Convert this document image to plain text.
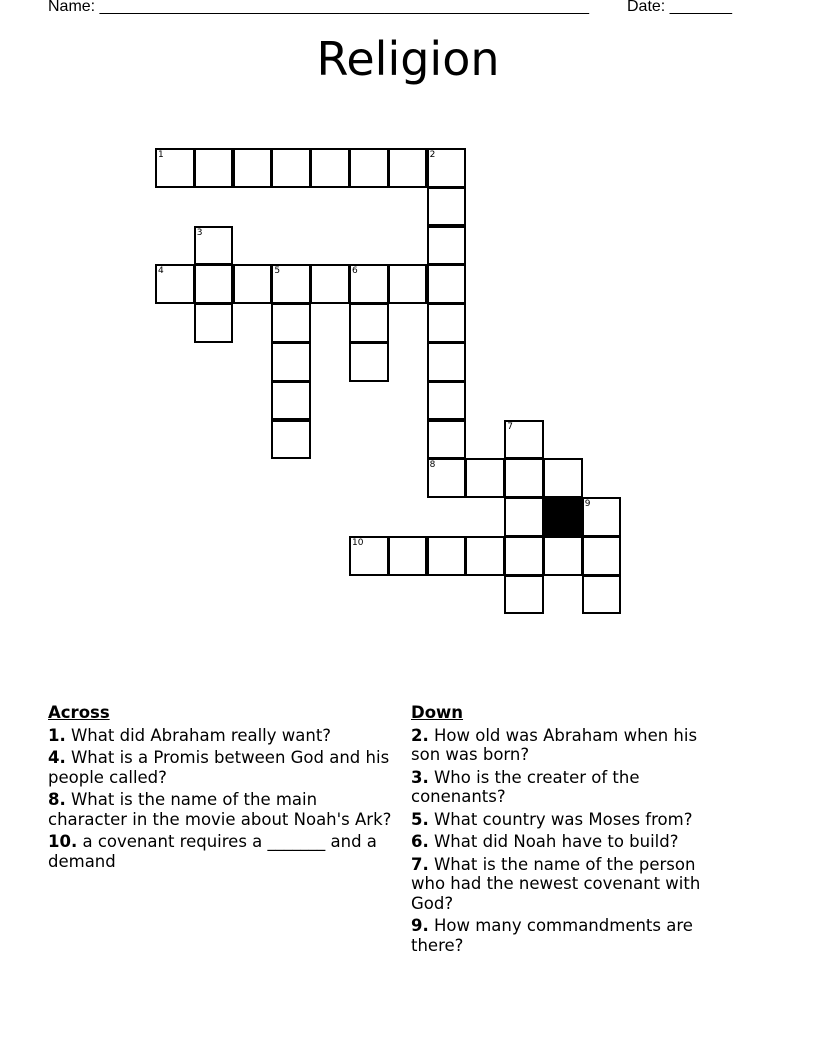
Name: _______________________________________________________ Date: _______
Religion
1	2
3
4	5	6
7
8
9
10
Across
1. What did Abraham really want?
4. What is a Promis between God and his people called?
8. What is the name of the main character in the movie about Noah's Ark?
10. a covenant requires a _______ and a demand
Down
2. How old was Abraham when his son was born?
3. Who is the creater of the conenants?
5. What country was Moses from?
6. What did Noah have to build?
7. What is the name of the person who had the newest covenant with God?
9. How many commandments are there?
